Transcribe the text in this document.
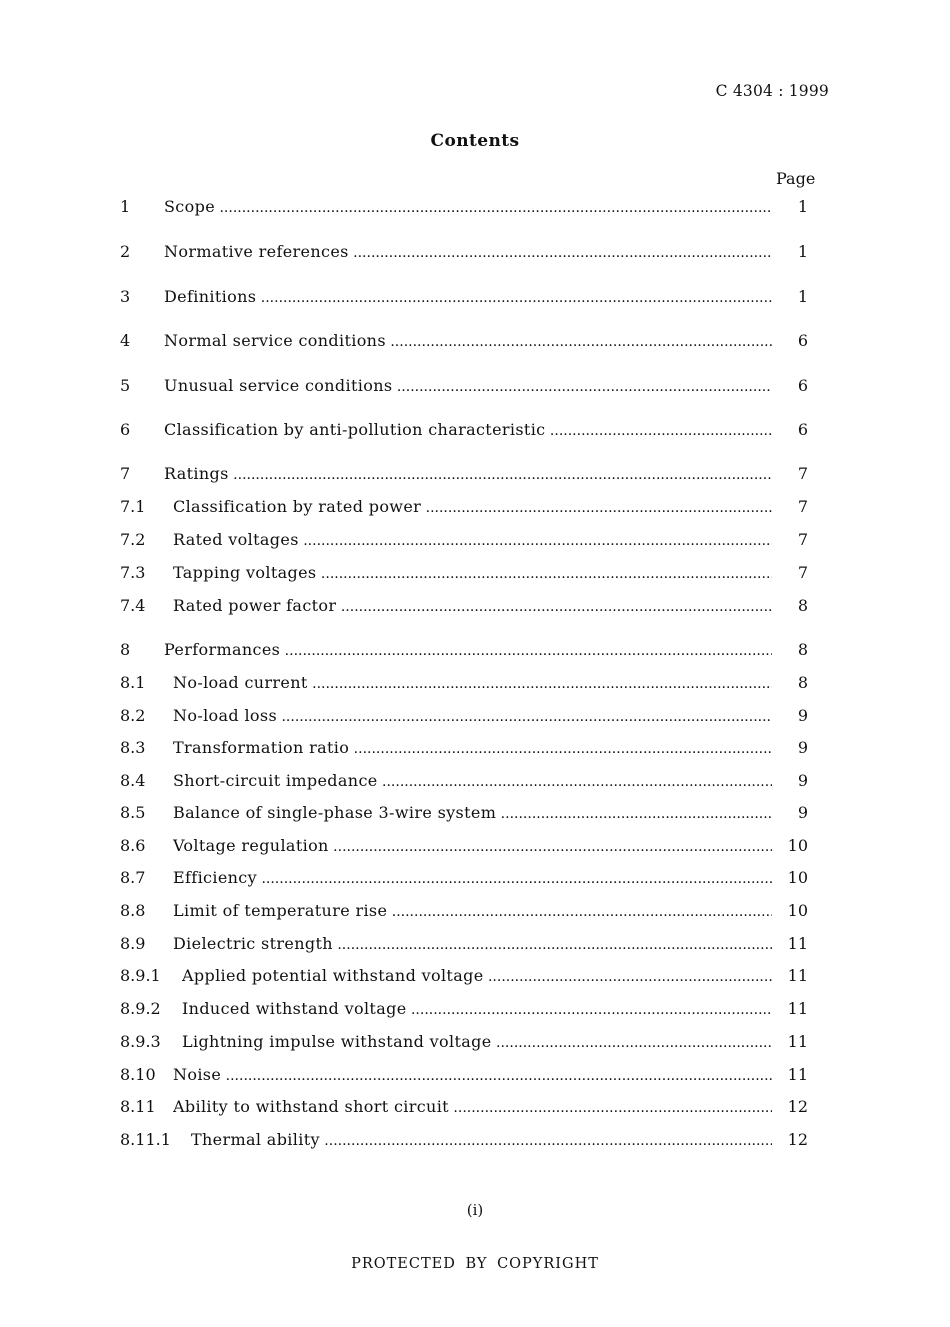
C 4304 : 1999
Contents
Page
1 Scope .....	1
2 Normative references .....	1
3 Definitions .....	1
4 Normal service conditions .....	6
5 Unusual service conditions .....	6
6 Classification by anti-pollution characteristic .....	6
7 Ratings .....	7
7.1 Classification by rated power .....	7
7.2 Rated voltages .....	7
7.3 Tapping voltages .....	7
7.4 Rated power factor .....	8
8 Performances .....	8
8.1 No-load current .....	8
8.2 No-load loss .....	9
8.3 Transformation ratio .....	9
8.4 Short-circuit impedance .....	9
8.5 Balance of single-phase 3-wire system .....	9
8.6 Voltage regulation .....	10
8.7 Efficiency .....	10
8.8 Limit of temperature rise .....	10
8.9 Dielectric strength .....	11
8.9.1 Applied potential withstand voltage .....	11
8.9.2 Induced withstand voltage .....	11
8.9.3 Lightning impulse withstand voltage .....	11
8.10 Noise .....	11
8.11 Ability to withstand short circuit .....	12
8.11.1 Thermal ability .....	12
(i)
PROTECTED BY COPYRIGHT
